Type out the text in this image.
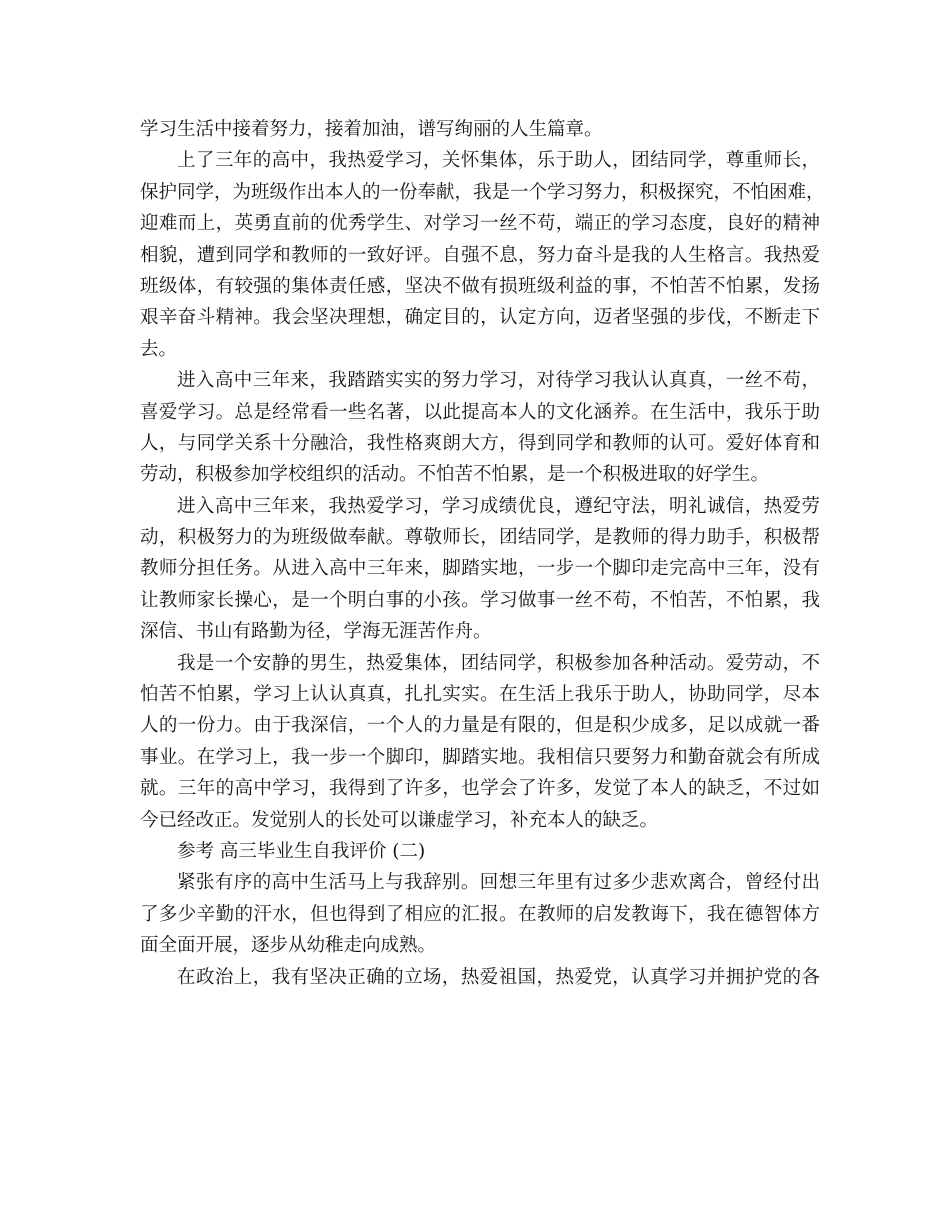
学习生活中接着努力，接着加油，谱写绚丽的人生篇章。
上了三年的高中，我热爱学习，关怀集体，乐于助人，团结同学，尊重师长，
保护同学，为班级作出本人的一份奉献，我是一个学习努力，积极探究，不怕困难，
迎难而上，英勇直前的优秀学生、对学习一丝不苟，端正的学习态度，良好的精神
相貌，遭到同学和教师的一致好评。自强不息，努力奋斗是我的人生格言。我热爱
班级体，有较强的集体责任感，坚决不做有损班级利益的事，不怕苦不怕累，发扬
艰辛奋斗精神。我会坚决理想，确定目的，认定方向，迈者坚强的步伐，不断走下
去。
进入高中三年来，我踏踏实实的努力学习，对待学习我认认真真，一丝不苟，
喜爱学习。总是经常看一些名著，以此提高本人的文化涵养。在生活中，我乐于助
人，与同学关系十分融洽，我性格爽朗大方，得到同学和教师的认可。爱好体育和
劳动，积极参加学校组织的活动。不怕苦不怕累，是一个积极进取的好学生。
进入高中三年来，我热爱学习，学习成绩优良，遵纪守法，明礼诚信，热爱劳
动，积极努力的为班级做奉献。尊敬师长，团结同学，是教师的得力助手，积极帮
教师分担任务。从进入高中三年来，脚踏实地，一步一个脚印走完高中三年，没有
让教师家长操心，是一个明白事的小孩。学习做事一丝不苟，不怕苦，不怕累，我
深信、书山有路勤为径，学海无涯苦作舟。
我是一个安静的男生，热爱集体，团结同学，积极参加各种活动。爱劳动，不
怕苦不怕累，学习上认认真真，扎扎实实。在生活上我乐于助人，协助同学，尽本
人的一份力。由于我深信，一个人的力量是有限的，但是积少成多，足以成就一番
事业。在学习上，我一步一个脚印，脚踏实地。我相信只要努力和勤奋就会有所成
就。三年的高中学习，我得到了许多，也学会了许多，发觉了本人的缺乏，不过如
今已经改正。发觉别人的长处可以谦虚学习，补充本人的缺乏。
参考 高三毕业生自我评价 (二)
紧张有序的高中生活马上与我辞别。回想三年里有过多少悲欢离合，曾经付出
了多少辛勤的汗水，但也得到了相应的汇报。在教师的启发教诲下，我在德智体方
面全面开展，逐步从幼稚走向成熟。
在政治上，我有坚决正确的立场，热爱祖国，热爱党，认真学习并拥护党的各
